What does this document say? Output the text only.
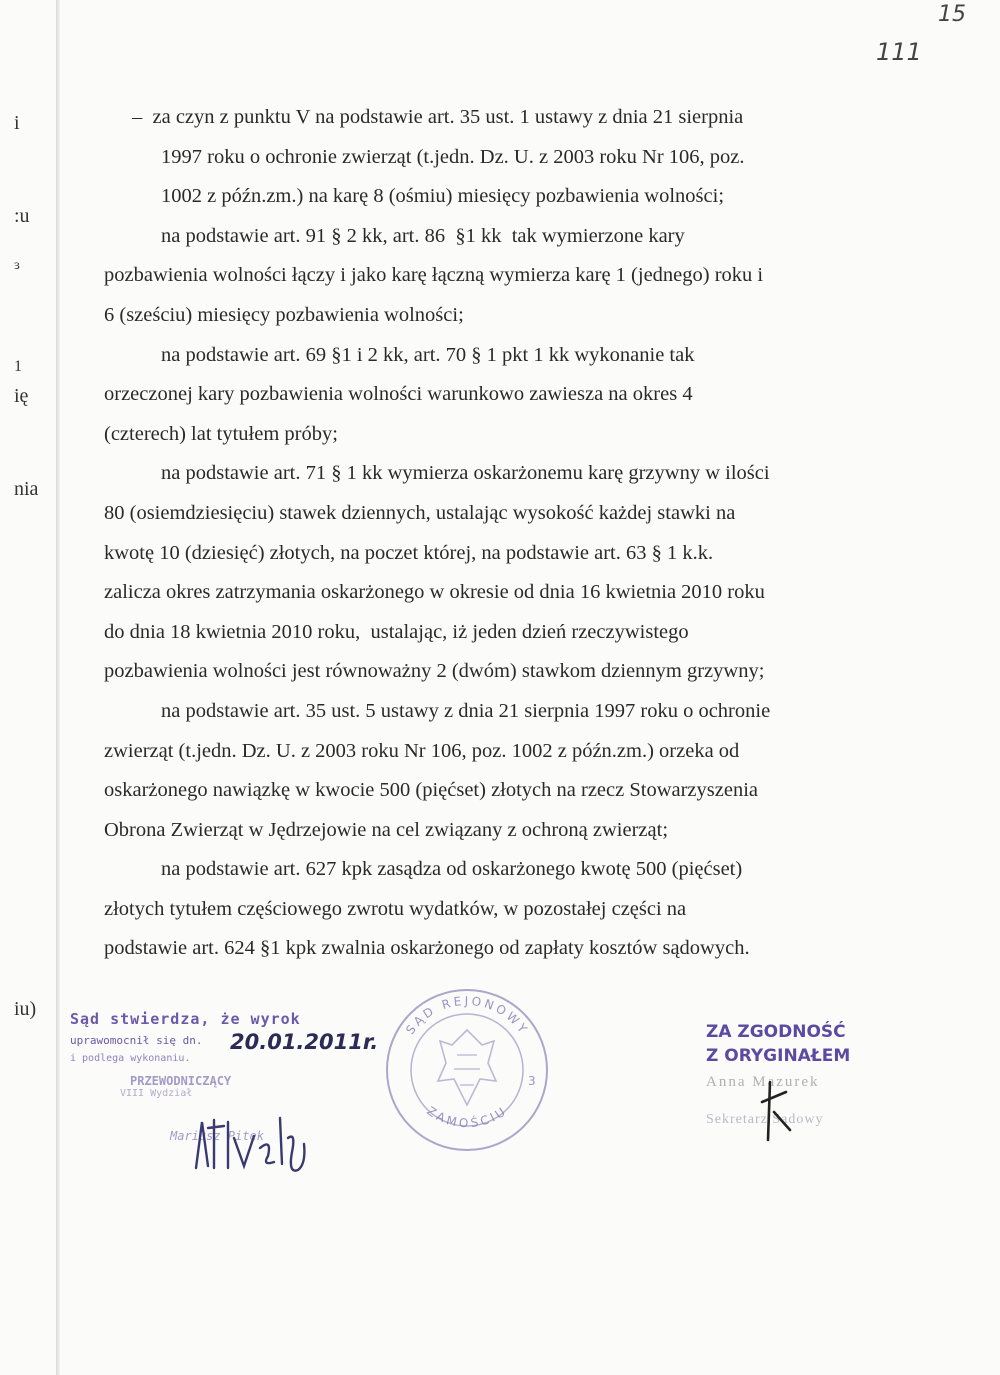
15
111
i
:u
ɜ
1
ię
nia
iu)
–  za czyn z punktu V na podstawie art. 35 ust. 1 ustawy z dnia 21 sierpnia
1997 roku o ochronie zwierząt (t.jedn. Dz. U. z 2003 roku Nr 106, poz.
1002 z późn.zm.) na karę 8 (ośmiu) miesięcy pozbawienia wolności;
na podstawie art. 91 § 2 kk, art. 86  §1 kk  tak wymierzone kary
pozbawienia wolności łączy i jako karę łączną wymierza karę 1 (jednego) roku i
6 (sześciu) miesięcy pozbawienia wolności;
na podstawie art. 69 §1 i 2 kk, art. 70 § 1 pkt 1 kk wykonanie tak
orzeczonej kary pozbawienia wolności warunkowo zawiesza na okres 4
(czterech) lat tytułem próby;
na podstawie art. 71 § 1 kk wymierza oskarżonemu karę grzywny w ilości
80 (osiemdziesięciu) stawek dziennych, ustalając wysokość każdej stawki na
kwotę 10 (dziesięć) złotych, na poczet której, na podstawie art. 63 § 1 k.k.
zalicza okres zatrzymania oskarżonego w okresie od dnia 16 kwietnia 2010 roku
do dnia 18 kwietnia 2010 roku,  ustalając, iż jeden dzień rzeczywistego
pozbawienia wolności jest równoważny 2 (dwóm) stawkom dziennym grzywny;
na podstawie art. 35 ust. 5 ustawy z dnia 21 sierpnia 1997 roku o ochronie
zwierząt (t.jedn. Dz. U. z 2003 roku Nr 106, poz. 1002 z późn.zm.) orzeka od
oskarżonego nawiązkę w kwocie 500 (pięćset) złotych na rzecz Stowarzyszenia
Obrona Zwierząt w Jędrzejowie na cel związany z ochroną zwierząt;
na podstawie art. 627 kpk zasądza od oskarżonego kwotę 500 (pięćset)
złotych tytułem częściowego zwrotu wydatków, w pozostałej części na
podstawie art. 624 §1 kpk zwalnia oskarżonego od zapłaty kosztów sądowych.
Sąd stwierdza, że wyrok
uprawomocnił się dn.
i podlega wykonaniu.
PRZEWODNICZĄCY
VIII Wydział
Mariusz Pitek
20.01.2011r.
SĄD REJONOWY
ZAMOŚCIU
3
ZA ZGODNOŚĆ
Z ORYGINAŁEM
Anna Mazurek
Sekretarz Sądowy
